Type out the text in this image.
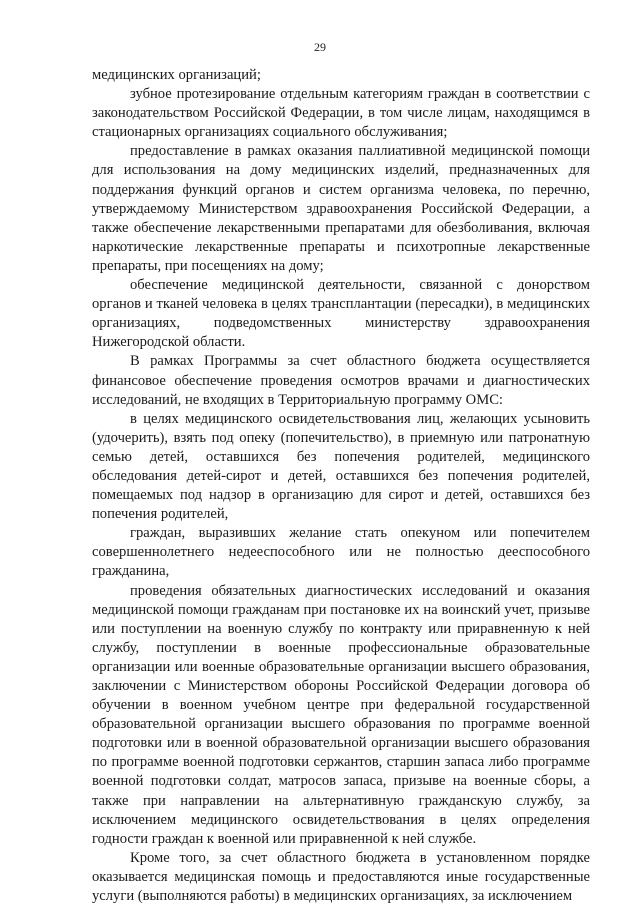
29

медицинских организаций;

зубное протезирование отдельным категориям граждан в соответствии с законодательством Российской Федерации, в том числе лицам, находящимся в стационарных организациях социального обслуживания;

предоставление в рамках оказания паллиативной медицинской помощи для использования на дому медицинских изделий, предназначенных для поддержания функций органов и систем организма человека, по перечню, утверждаемому Министерством здравоохранения Российской Федерации, а также обеспечение лекарственными препаратами для обезболивания, включая наркотические лекарственные препараты и психотропные лекарственные препараты, при посещениях на дому;

обеспечение медицинской деятельности, связанной с донорством органов и тканей человека в целях трансплантации (пересадки), в медицинских организациях, подведомственных министерству здравоохранения Нижегородской области.

В рамках Программы за счет областного бюджета осуществляется финансовое обеспечение проведения осмотров врачами и диагностических исследований, не входящих в Территориальную программу ОМС:

в целях медицинского освидетельствования лиц, желающих усыновить (удочерить), взять под опеку (попечительство), в приемную или патронатную семью детей, оставшихся без попечения родителей, медицинского обследования детей-сирот и детей, оставшихся без попечения родителей, помещаемых под надзор в организацию для сирот и детей, оставшихся без попечения родителей,

граждан, выразивших желание стать опекуном или попечителем совершеннолетнего недееспособного или не полностью дееспособного гражданина,

проведения обязательных диагностических исследований и оказания медицинской помощи гражданам при постановке их на воинский учет, призыве или поступлении на военную службу по контракту или приравненную к ней службу, поступлении в военные профессиональные образовательные организации или военные образовательные организации высшего образования, заключении с Министерством обороны Российской Федерации договора об обучении в военном учебном центре при федеральной государственной образовательной организации высшего образования по программе военной подготовки или в военной образовательной организации высшего образования по программе военной подготовки сержантов, старшин запаса либо программе военной подготовки солдат, матросов запаса, призыве на военные сборы, а также при направлении на альтернативную гражданскую службу, за исключением медицинского освидетельствования в целях определения годности граждан к военной или приравненной к ней службе.

Кроме того, за счет областного бюджета в установленном порядке оказывается медицинская помощь и предоставляются иные государственные услуги (выполняются работы) в медицинских организациях, за исключением
